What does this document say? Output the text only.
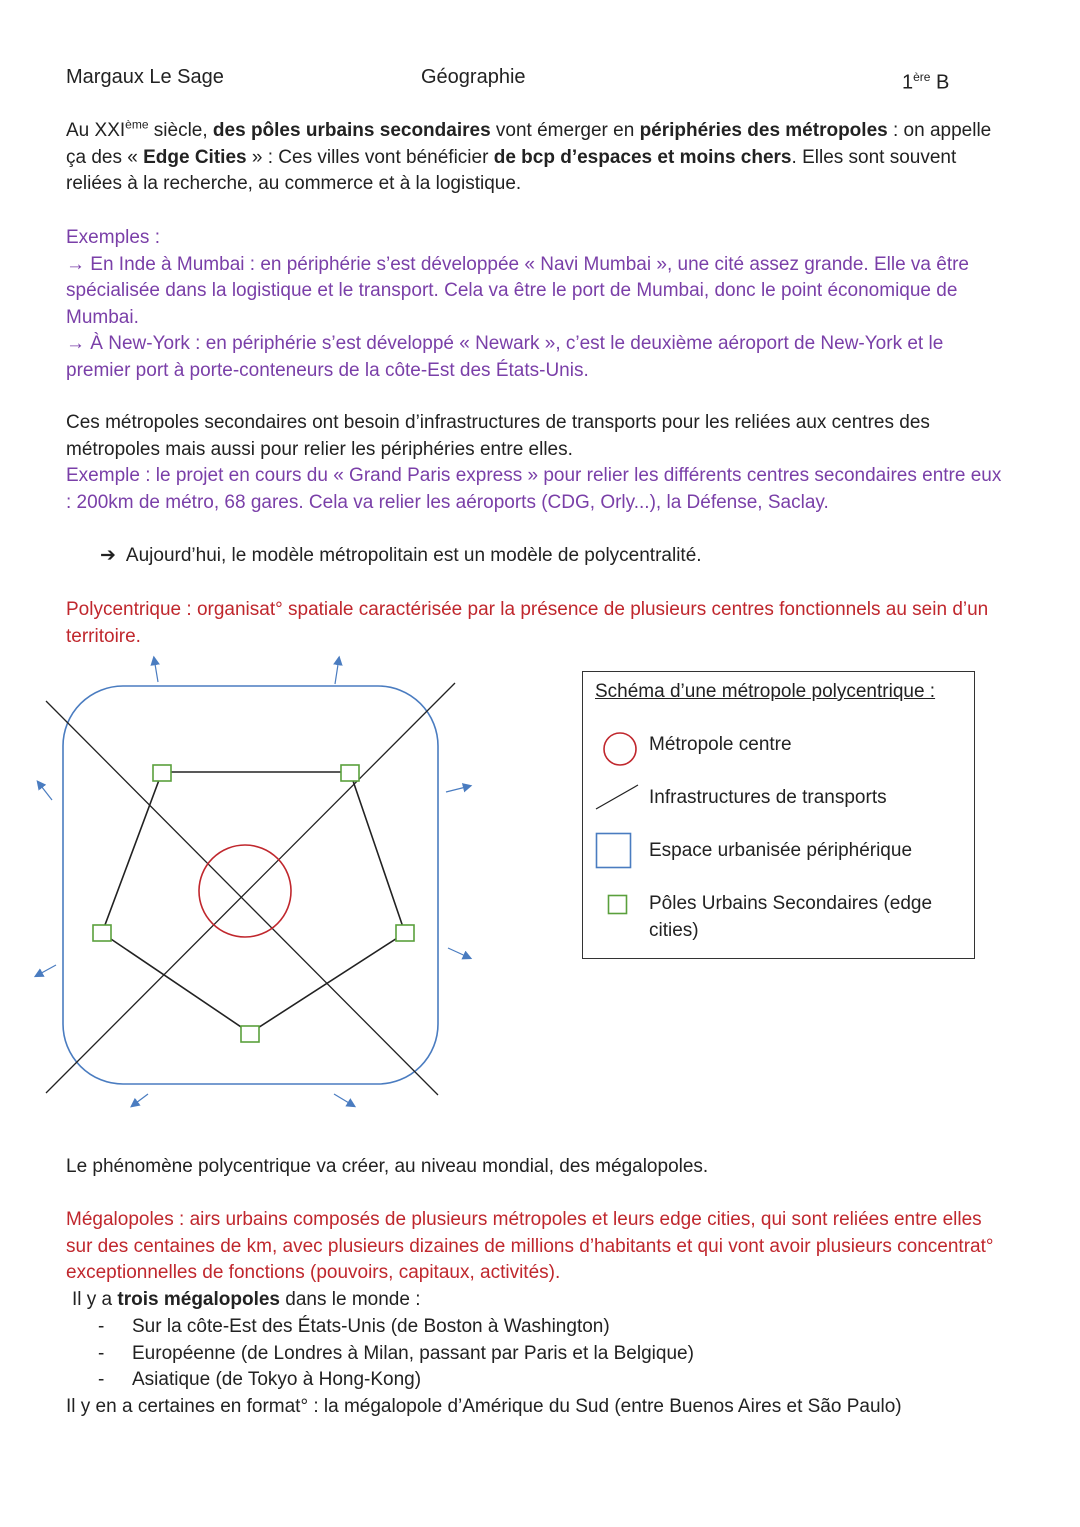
Margaux Le Sage	Géographie	1ère B
Au XXIème siècle, des pôles urbains secondaires vont émerger en périphéries des métropoles : on appelle ça des « Edge Cities » : Ces villes vont bénéficier de bcp d’espaces et moins chers. Elles sont souvent reliées à la recherche, au commerce et à la logistique.
Exemples :
→ En Inde à Mumbai : en périphérie s’est développée « Navi Mumbai », une cité assez grande. Elle va être spécialisée dans la logistique et le transport. Cela va être le port de Mumbai, donc le point économique de Mumbai.
→ À New-York : en périphérie s’est développé « Newark », c’est le deuxième aéroport de New-York et le premier port à porte-conteneurs de la côte-Est des États-Unis.
Ces métropoles secondaires ont besoin d’infrastructures de transports pour les reliées aux centres des métropoles mais aussi pour relier les périphéries entre elles.
Exemple : le projet en cours du « Grand Paris express » pour relier les différents centres secondaires entre eux : 200km de métro, 68 gares. Cela va relier les aéroports (CDG, Orly...), la Défense, Saclay.
➔ Aujourd’hui, le modèle métropolitain est un modèle de polycentralité.
Polycentrique : organisat° spatiale caractérisée par la présence de plusieurs centres fonctionnels au sein d’un territoire.
Schéma d’une métropole polycentrique :
Métropole centre
Infrastructures de transports
Espace urbanisée périphérique
Pôles Urbains Secondaires (edge cities)
Le phénomène polycentrique va créer, au niveau mondial, des mégalopoles.
Mégalopoles : airs urbains composés de plusieurs métropoles et leurs edge cities, qui sont reliées entre elles sur des centaines de km, avec plusieurs dizaines de millions d’habitants et qui vont avoir plusieurs concentrat° exceptionnelles de fonctions (pouvoirs, capitaux, activités).
Il y a trois mégalopoles dans le monde :
- Sur la côte-Est des États-Unis (de Boston à Washington)
- Européenne (de Londres à Milan, passant par Paris et la Belgique)
- Asiatique (de Tokyo à Hong-Kong)
Il y en a certaines en format° : la mégalopole d’Amérique du Sud (entre Buenos Aires et São Paulo)
